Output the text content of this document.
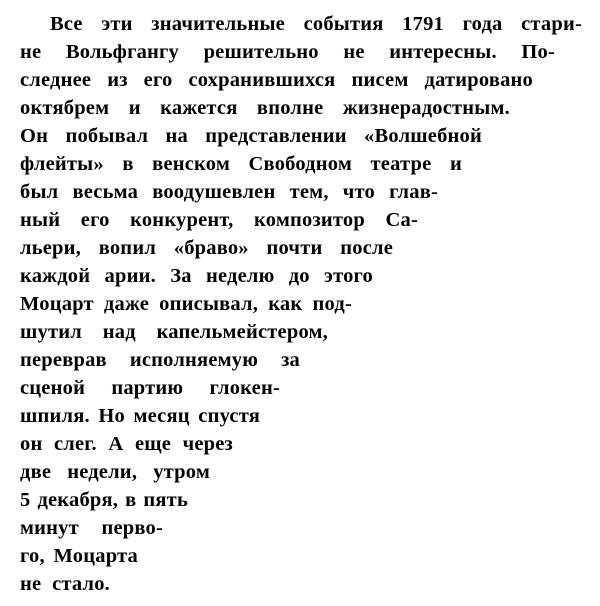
Все эти значительные события 1791 года стари-
не Вольфгангу решительно не интересны. По-
следнее из его сохранившихся писем датировано
октябрем и кажется вполне жизнерадостным.
Он побывал на представлении «Волшебной
флейты» в венском Свободном театре и
был весьма воодушевлен тем, что глав-
ный его конкурент, композитор Са-
льери, вопил «браво» почти после
каждой арии. За неделю до этого
Моцарт даже описывал, как под-
шутил над капельмейстером,
переврав исполняемую за
сценой партию глокен-
шпиля. Но месяц спустя
он слег. А еще через
две недели, утром
5 декабря, в пять
минут перво-
го, Моцарта
не стало.
